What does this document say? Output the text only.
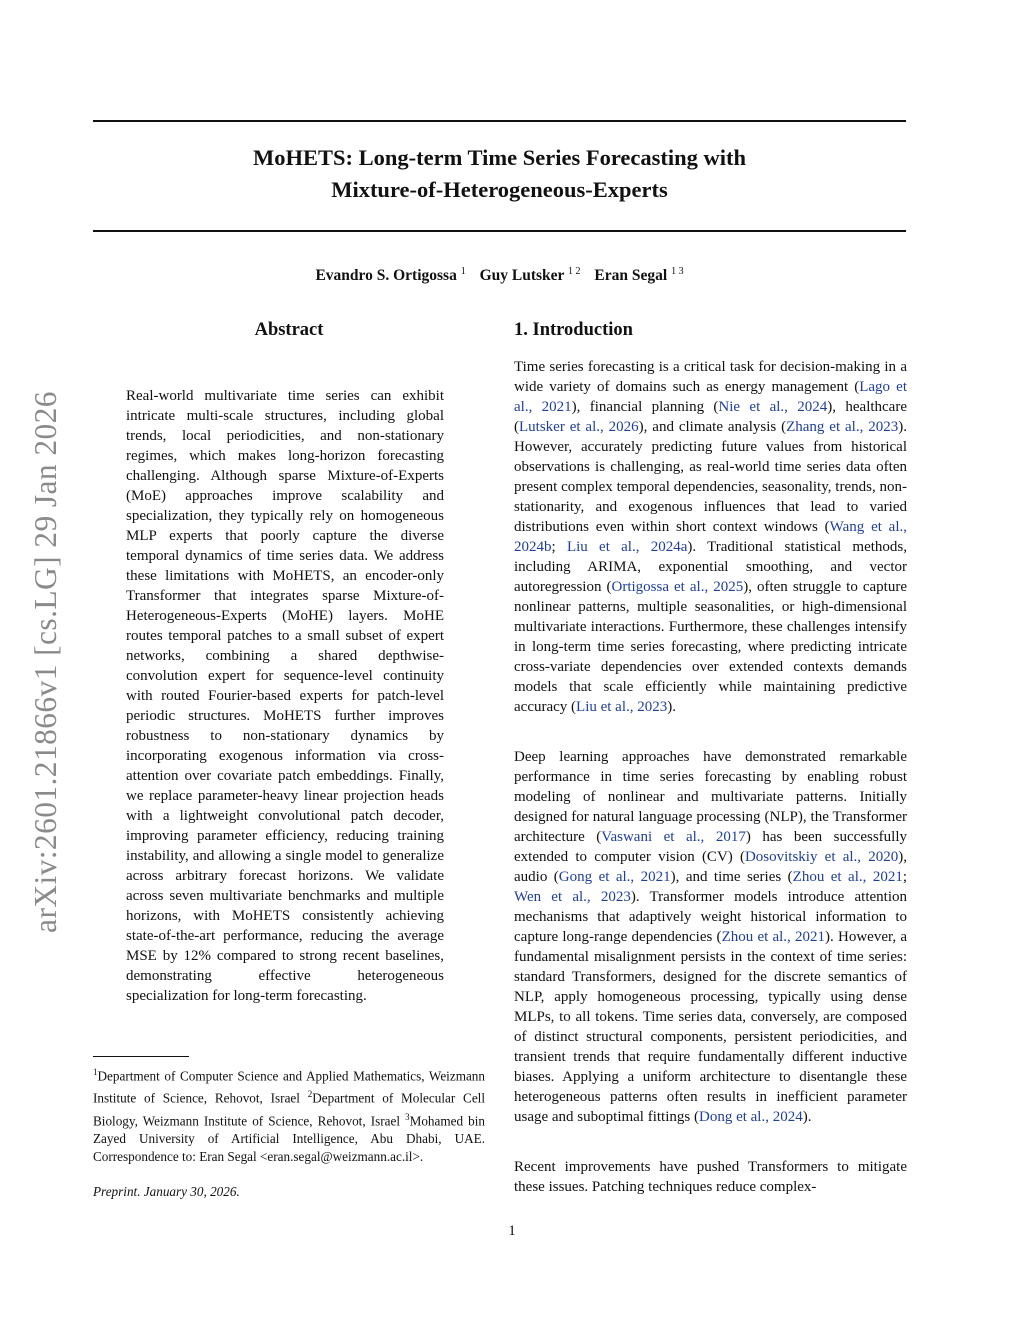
MoHETS: Long-term Time Series Forecasting with
Mixture-of-Heterogeneous-Experts
Evandro S. Ortigossa $^1$ Guy Lutsker $^{1 2}$ Eran Segal $^{1 3}$
arXiv:2601.21866v1 [cs.LG] 29 Jan 2026
Abstract

Real-world multivariate time series can exhibit intricate multi-scale structures, including global trends, local periodicities, and non-stationary regimes, which makes long-horizon forecasting challenging. Although sparse Mixture-of-Experts (MoE) approaches improve scalability and specialization, they typically rely on homogeneous MLP experts that poorly capture the diverse temporal dynamics of time series data. We address these limitations with MoHETS, an encoder-only Transformer that integrates sparse Mixture-of-Heterogeneous-Experts (MoHE) layers. MoHE routes temporal patches to a small subset of expert networks, combining a shared depthwise-convolution expert for sequence-level continuity with routed Fourier-based experts for patch-level periodic structures. MoHETS further improves robustness to non-stationary dynamics by incorporating exogenous information via cross-attention over covariate patch embeddings. Finally, we replace parameter-heavy linear projection heads with a lightweight convolutional patch decoder, improving parameter efficiency, reducing training instability, and allowing a single model to generalize across arbitrary forecast horizons. We validate across seven multivariate benchmarks and multiple horizons, with MoHETS consistently achieving state-of-the-art performance, reducing the average MSE by 12% compared to strong recent baselines, demonstrating effective heterogeneous specialization for long-term forecasting.

$^1$Department of Computer Science and Applied Mathematics, Weizmann Institute of Science, Rehovot, Israel $^2$Department of Molecular Cell Biology, Weizmann Institute of Science, Rehovot, Israel $^3$Mohamed bin Zayed University of Artificial Intelligence, Abu Dhabi, UAE. Correspondence to: Eran Segal <eran.segal@weizmann.ac.il>.
Preprint. January 30, 2026.
1. Introduction

Time series forecasting is a critical task for decision-making in a wide variety of domains such as energy management (Lago et al., 2021), financial planning (Nie et al., 2024), healthcare (Lutsker et al., 2026), and climate analysis (Zhang et al., 2023). However, accurately predicting future values from historical observations is challenging, as real-world time series data often present complex temporal dependencies, seasonality, trends, non-stationarity, and exogenous influences that lead to varied distributions even within short context windows (Wang et al., 2024b; Liu et al., 2024a). Traditional statistical methods, including ARIMA, exponential smoothing, and vector autoregression (Ortigossa et al., 2025), often struggle to capture nonlinear patterns, multiple seasonalities, or high-dimensional multivariate interactions. Furthermore, these challenges intensify in long-term time series forecasting, where predicting intricate cross-variate dependencies over extended contexts demands models that scale efficiently while maintaining predictive accuracy (Liu et al., 2023).

Deep learning approaches have demonstrated remarkable performance in time series forecasting by enabling robust modeling of nonlinear and multivariate patterns. Initially designed for natural language processing (NLP), the Transformer architecture (Vaswani et al., 2017) has been successfully extended to computer vision (CV) (Dosovitskiy et al., 2020), audio (Gong et al., 2021), and time series (Zhou et al., 2021; Wen et al., 2023). Transformer models introduce attention mechanisms that adaptively weight historical information to capture long-range dependencies (Zhou et al., 2021). However, a fundamental misalignment persists in the context of time series: standard Transformers, designed for the discrete semantics of NLP, apply homogeneous processing, typically using dense MLPs, to all tokens. Time series data, conversely, are composed of distinct structural components, persistent periodicities, and transient trends that require fundamentally different inductive biases. Applying a uniform architecture to disentangle these heterogeneous patterns often results in inefficient parameter usage and suboptimal fittings (Dong et al., 2024).

Recent improvements have pushed Transformers to mitigate these issues. Patching techniques reduce complex-

1
